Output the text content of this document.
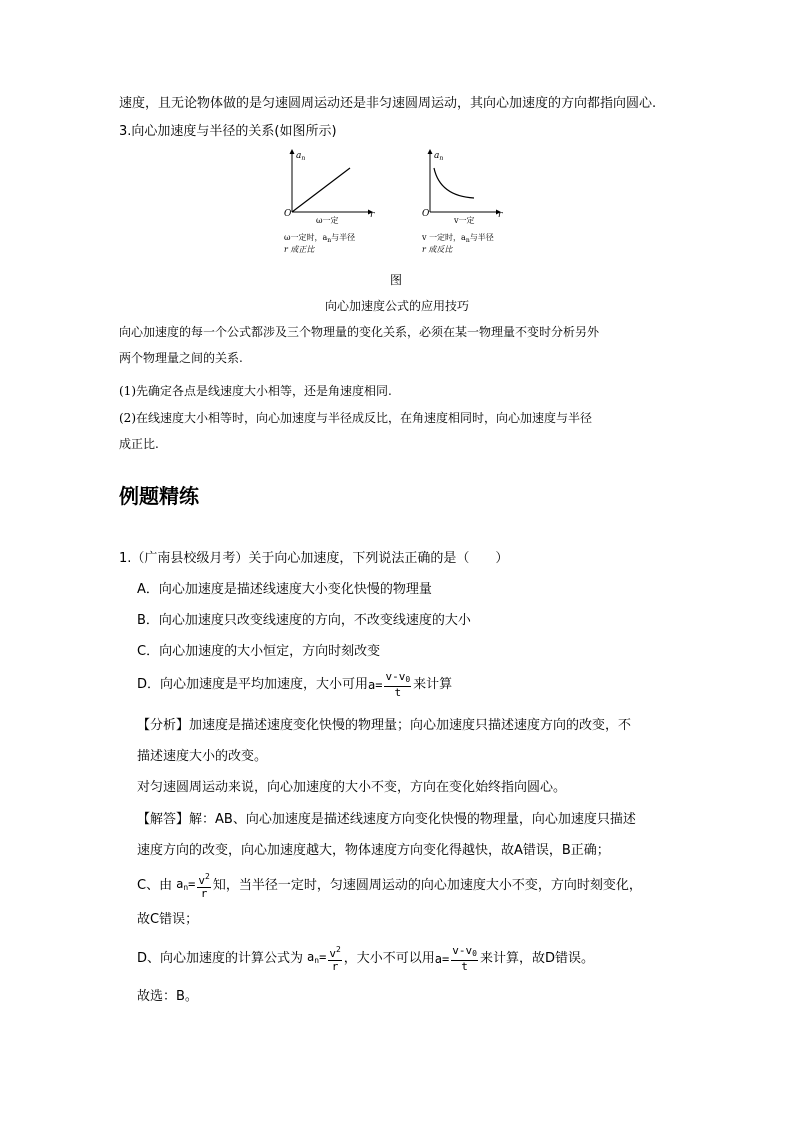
速度，且无论物体做的是匀速圆周运动还是非匀速圆周运动，其向心加速度的方向都指向圆心.
3.向心加速度与半径的关系(如图所示)
$a_n$
O	r
ω一定
ω一定时，$a_n$与半径
r 成正比
$a_n$
O	r
v一定
v 一定时，$a_n$与半径
r 成反比
图
向心加速度公式的应用技巧
向心加速度的每一个公式都涉及三个物理量的变化关系，必须在某一物理量不变时分析另外
两个物理量之间的关系.
(1)先确定各点是线速度大小相等，还是角速度相同.
(2)在线速度大小相等时，向心加速度与半径成反比，在角速度相同时，向心加速度与半径
成正比.
例题精练
1.（广南县校级月考）关于向心加速度，下列说法正确的是（　　）
A．向心加速度是描述线速度大小变化快慢的物理量
B．向心加速度只改变线速度的方向，不改变线速度的大小
C．向心加速度的大小恒定，方向时刻改变
D．向心加速度是平均加速度，大小可用 $a= \frac{v-v_0}{t}$ 来计算
【分析】加速度是描述速度变化快慢的物理量；向心加速度只描述速度方向的改变，不
描述速度大小的改变。
对匀速圆周运动来说，向心加速度的大小不变，方向在变化始终指向圆心。
【解答】解：AB、向心加速度是描述线速度方向变化快慢的物理量，向心加速度只描述
速度方向的改变，向心加速度越大，物体速度方向变化得越快，故A错误，B正确；
C、由 $a_n= \frac{v^2}{r}$ 知，当半径一定时，匀速圆周运动的向心加速度大小不变，方向时刻变化，
故C错误；
D、向心加速度的计算公式为 $a_n= \frac{v^2}{r}$ ，大小不可以用 $a= \frac{v-v_0}{t}$ 来计算，故D错误。
故选：B。
